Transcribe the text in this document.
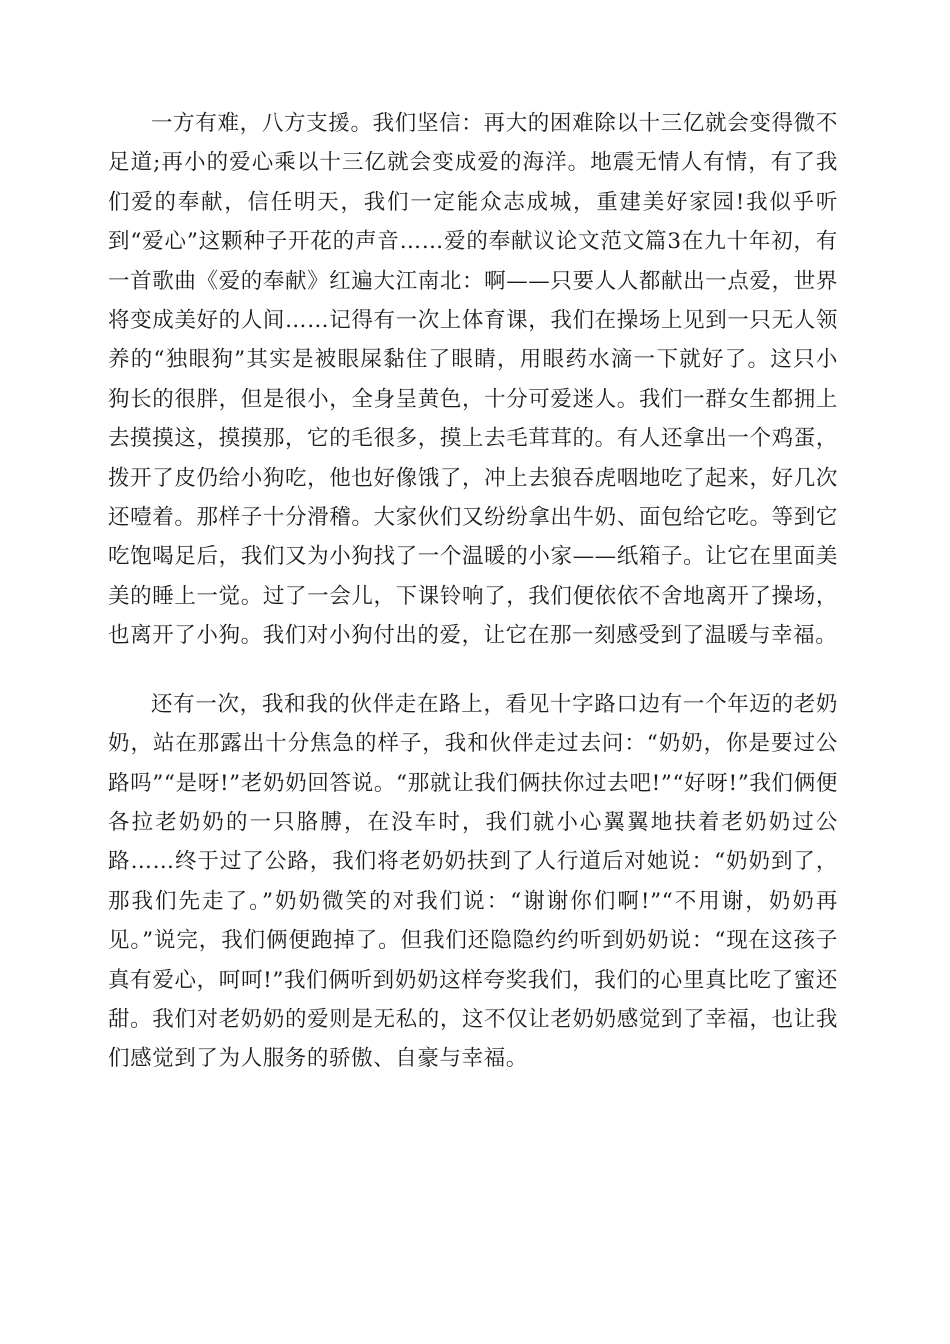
一方有难，八方支援。我们坚信：再大的困难除以十三亿就会变得微不足道;再小的爱心乘以十三亿就会变成爱的海洋。地震无情人有情，有了我们爱的奉献，信任明天，我们一定能众志成城，重建美好家园!我似乎听到“爱心”这颗种子开花的声音……爱的奉献议论文范文篇3在九十年初，有一首歌曲《爱的奉献》红遍大江南北：啊——只要人人都献出一点爱，世界将变成美好的人间……记得有一次上体育课，我们在操场上见到一只无人领养的“独眼狗”其实是被眼屎黏住了眼睛，用眼药水滴一下就好了。这只小狗长的很胖，但是很小，全身呈黄色，十分可爱迷人。我们一群女生都拥上去摸摸这，摸摸那，它的毛很多，摸上去毛茸茸的。有人还拿出一个鸡蛋，拨开了皮仍给小狗吃，他也好像饿了，冲上去狼吞虎咽地吃了起来，好几次还噎着。那样子十分滑稽。大家伙们又纷纷拿出牛奶、面包给它吃。等到它吃饱喝足后，我们又为小狗找了一个温暖的小家——纸箱子。让它在里面美美的睡上一觉。过了一会儿，下课铃响了，我们便依依不舍地离开了操场，也离开了小狗。我们对小狗付出的爱，让它在那一刻感受到了温暖与幸福。

还有一次，我和我的伙伴走在路上，看见十字路口边有一个年迈的老奶奶，站在那露出十分焦急的样子，我和伙伴走过去问：“奶奶，你是要过公路吗”“是呀!”老奶奶回答说。“那就让我们俩扶你过去吧!”“好呀!”我们俩便各拉老奶奶的一只胳膊，在没车时，我们就小心翼翼地扶着老奶奶过公路……终于过了公路，我们将老奶奶扶到了人行道后对她说：“奶奶到了，那我们先走了。”奶奶微笑的对我们说：“谢谢你们啊!”“不用谢，奶奶再见。”说完，我们俩便跑掉了。但我们还隐隐约约听到奶奶说：“现在这孩子真有爱心，呵呵!”我们俩听到奶奶这样夸奖我们，我们的心里真比吃了蜜还甜。我们对老奶奶的爱则是无私的，这不仅让老奶奶感觉到了幸福，也让我们感觉到了为人服务的骄傲、自豪与幸福。
